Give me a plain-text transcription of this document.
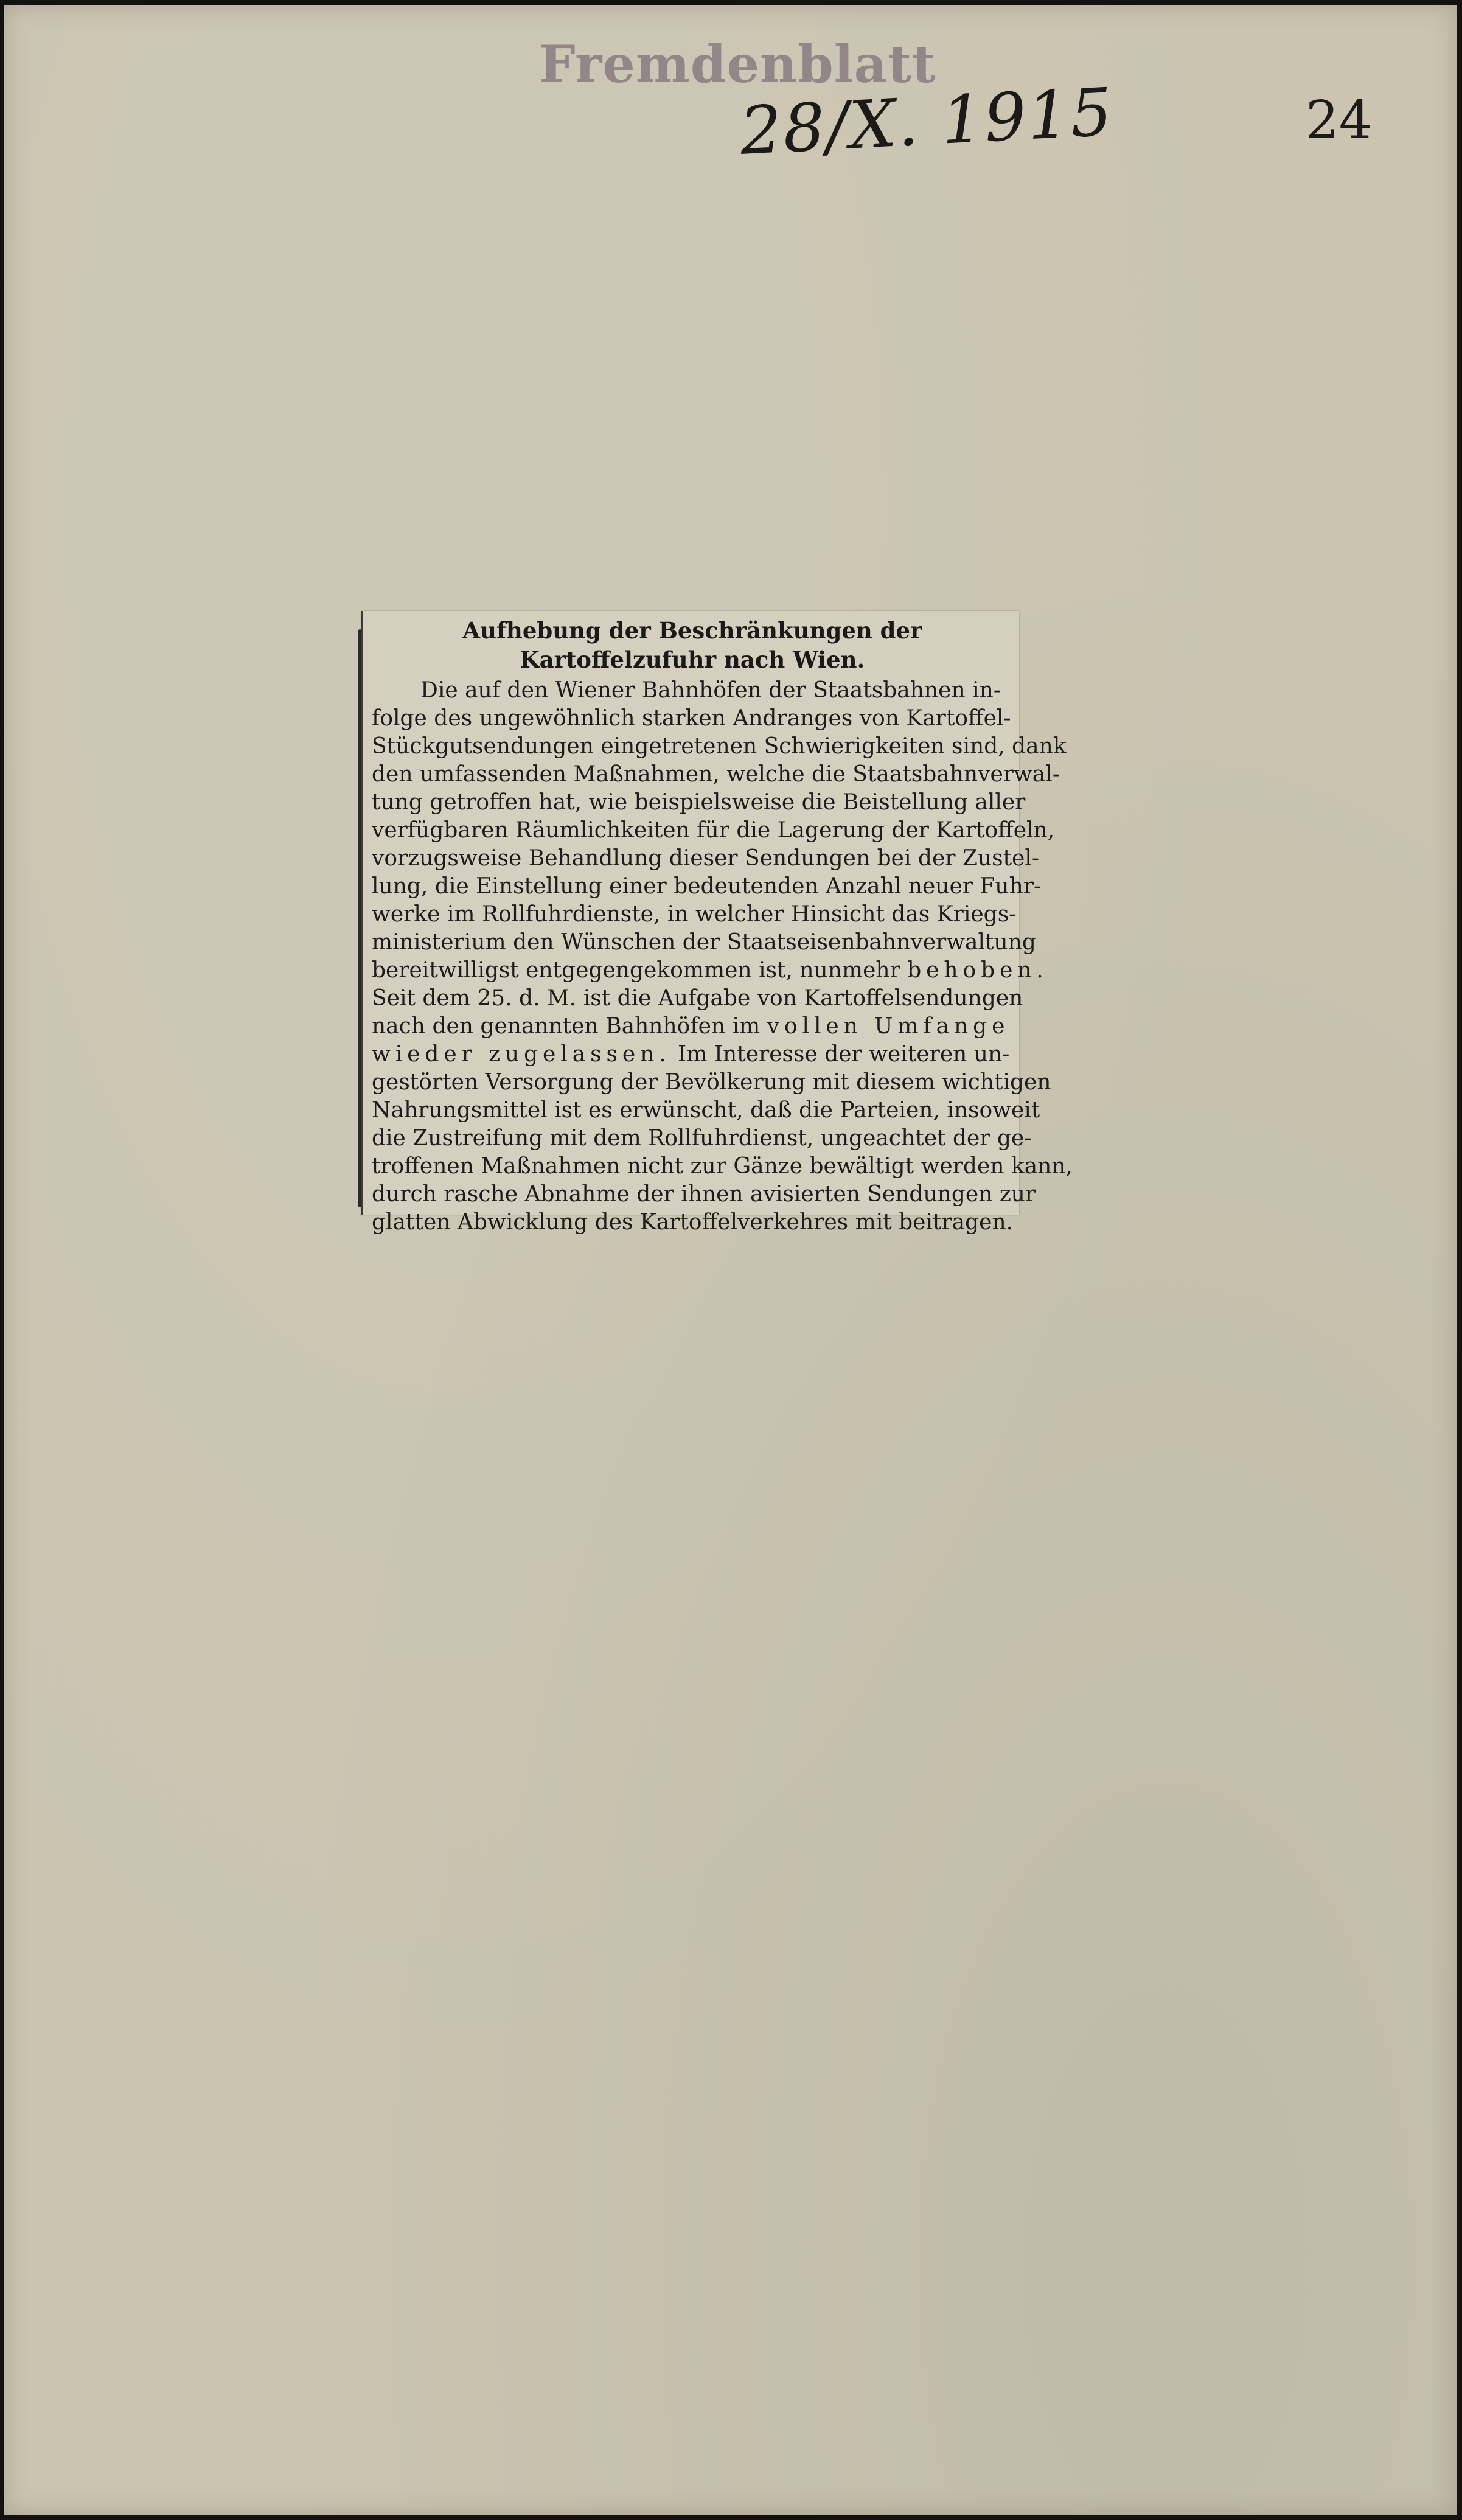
Fremdenblatt
28/X. 1915	24
Aufhebung der Beschränkungen der Kartoffelzufuhr nach Wien.

Die auf den Wiener Bahnhöfen der Staatsbahnen in-
folge des ungewöhnlich starken Andranges von Kartoffel-
Stückgutsendungen eingetretenen Schwierigkeiten sind, dank
den umfassenden Maßnahmen, welche die Staatsbahnverwal-
tung getroffen hat, wie beispielsweise die Beistellung aller
verfügbaren Räumlichkeiten für die Lagerung der Kartoffeln,
vorzugsweise Behandlung dieser Sendungen bei der Zustel-
lung, die Einstellung einer bedeutenden Anzahl neuer Fuhr-
werke im Rollfuhrdienste, in welcher Hinsicht das Kriegs-
ministerium den Wünschen der Staatseisenbahnverwaltung
bereitwilligst entgegengekommen ist, nunmehr behoben.
Seit dem 25. d. M. ist die Aufgabe von Kartoffelsendungen
nach den genannten Bahnhöfen im vollen Umfange
wieder zugelassen. Im Interesse der weiteren un-
gestörten Versorgung der Bevölkerung mit diesem wichtigen
Nahrungsmittel ist es erwünscht, daß die Parteien, insoweit
die Zustreifung mit dem Rollfuhrdienst, ungeachtet der ge-
troffenen Maßnahmen nicht zur Gänze bewältigt werden kann,
durch rasche Abnahme der ihnen avisierten Sendungen zur
glatten Abwicklung des Kartoffelverkehres mit beitragen.
